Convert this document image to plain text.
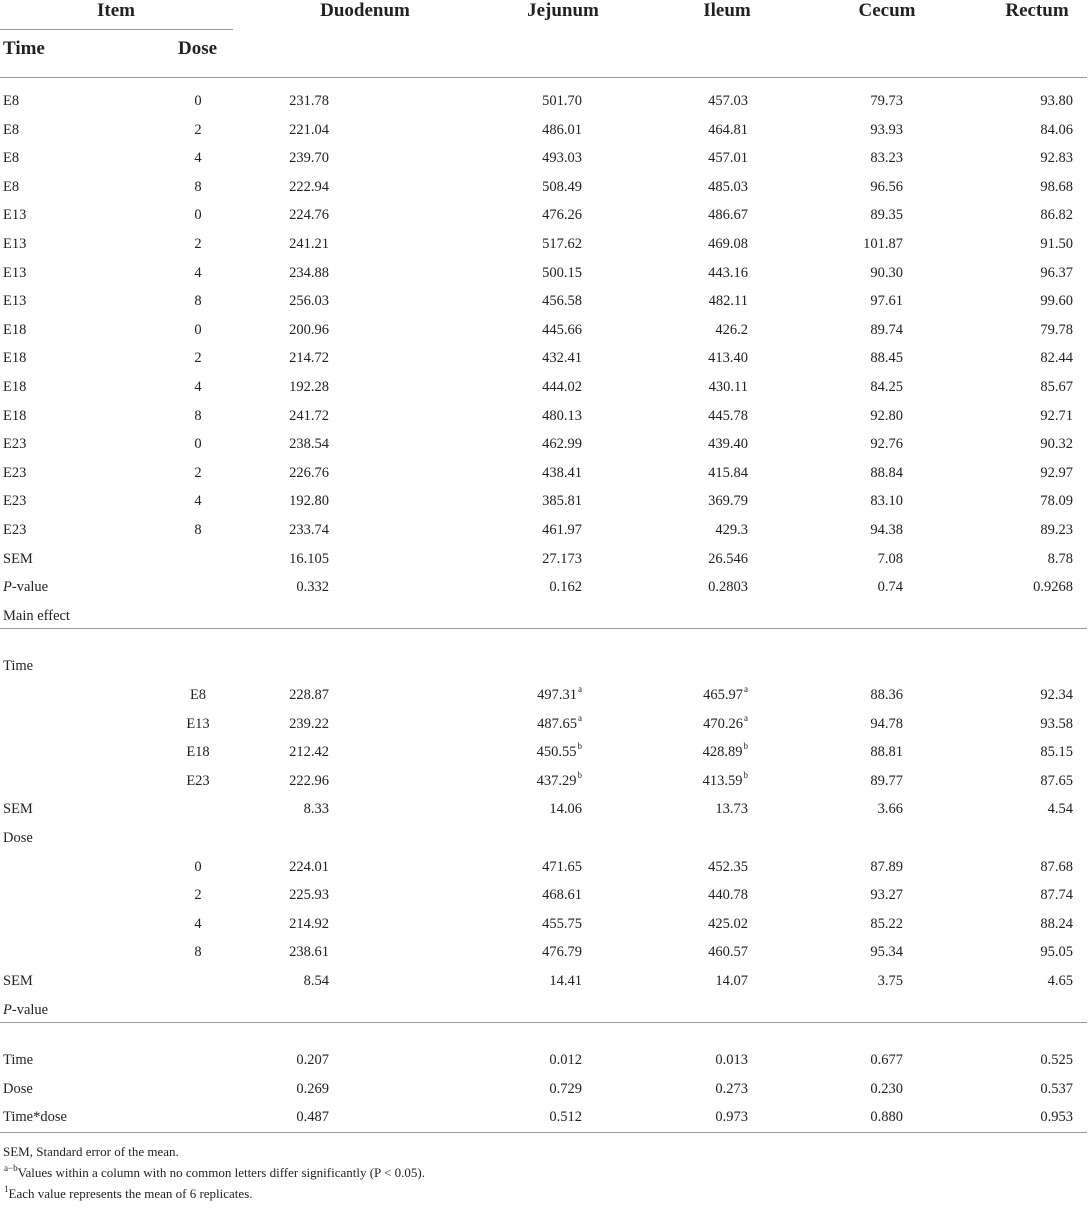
Item	Duodenum	Jejunum	Ileum	Cecum	Rectum
Time	Dose
E8	0	231.78	501.70	457.03	79.73	93.80
E8	2	221.04	486.01	464.81	93.93	84.06
E8	4	239.70	493.03	457.01	83.23	92.83
E8	8	222.94	508.49	485.03	96.56	98.68
E13	0	224.76	476.26	486.67	89.35	86.82
E13	2	241.21	517.62	469.08	101.87	91.50
E13	4	234.88	500.15	443.16	90.30	96.37
E13	8	256.03	456.58	482.11	97.61	99.60
E18	0	200.96	445.66	426.2	89.74	79.78
E18	2	214.72	432.41	413.40	88.45	82.44
E18	4	192.28	444.02	430.11	84.25	85.67
E18	8	241.72	480.13	445.78	92.80	92.71
E23	0	238.54	462.99	439.40	92.76	90.32
E23	2	226.76	438.41	415.84	88.84	92.97
E23	4	192.80	385.81	369.79	83.10	78.09
E23	8	233.74	461.97	429.3	94.38	89.23
SEM	16.105	27.173	26.546	7.08	8.78
P-value	0.332	0.162	0.2803	0.74	0.9268
Main effect
Time
E8	228.87	497.31$^a$	465.97$^a$	88.36	92.34
E13	239.22	487.65$^a$	470.26$^a$	94.78	93.58
E18	212.42	450.55$^b$	428.89$^b$	88.81	85.15
E23	222.96	437.29$^b$	413.59$^b$	89.77	87.65
SEM	8.33	14.06	13.73	3.66	4.54
Dose
0	224.01	471.65	452.35	87.89	87.68
2	225.93	468.61	440.78	93.27	87.74
4	214.92	455.75	425.02	85.22	88.24
8	238.61	476.79	460.57	95.34	95.05
SEM	8.54	14.41	14.07	3.75	4.65
P-value
Time	0.207	0.012	0.013	0.677	0.525
Dose	0.269	0.729	0.273	0.230	0.537
Time*dose	0.487	0.512	0.973	0.880	0.953
SEM, Standard error of the mean.
$^{a-b}$Values within a column with no common letters differ significantly (P < 0.05).
$^1$Each value represents the mean of 6 replicates.
